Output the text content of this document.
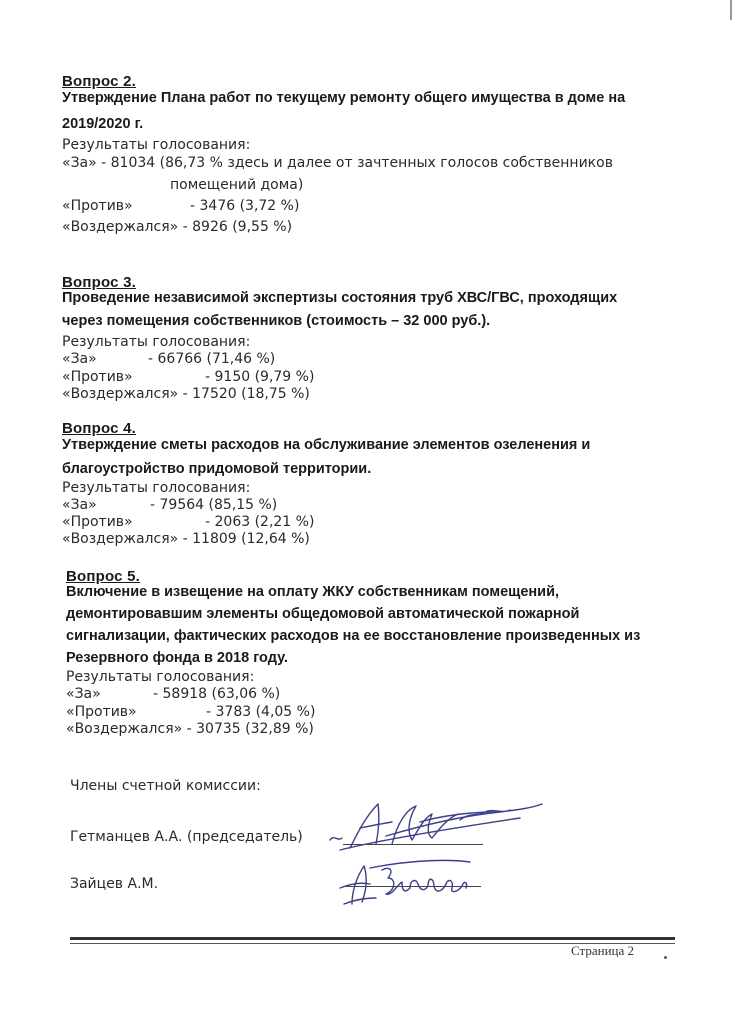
Вопрос 2.
Утверждение Плана работ по текущему ремонту общего имущества в доме на
2019/2020 г.
Результаты голосования:
«За» - 81034 (86,73 % здесь и далее от зачтенных голосов собственников
помещений дома)
«Против»	- 3476 (3,72 %)
«Воздержался» - 8926 (9,55 %)
Вопрос 3.
Проведение независимой экспертизы состояния труб ХВС/ГВС, проходящих
через помещения собственников (стоимость – 32 000 руб.).
Результаты голосования:
«За»	- 66766 (71,46 %)
«Против»	- 9150 (9,79 %)
«Воздержался» - 17520 (18,75 %)
Вопрос 4.
Утверждение сметы расходов на обслуживание элементов озеленения и
благоустройство придомовой территории.
Результаты голосования:
«За»	- 79564 (85,15 %)
«Против»	- 2063 (2,21 %)
«Воздержался» - 11809 (12,64 %)
Вопрос 5.
Включение в извещение на оплату ЖКУ собственникам помещений,
демонтировавшим элементы общедомовой автоматической пожарной
сигнализации, фактических расходов на ее восстановление произведенных из
Резервного фонда в 2018 году.
Результаты голосования:
«За»	- 58918 (63,06 %)
«Против»	- 3783 (4,05 %)
«Воздержался» - 30735 (32,89 %)
Члены счетной комиссии:
Гетманцев А.А. (председатель)
Зайцев А.М.
Страница 2
